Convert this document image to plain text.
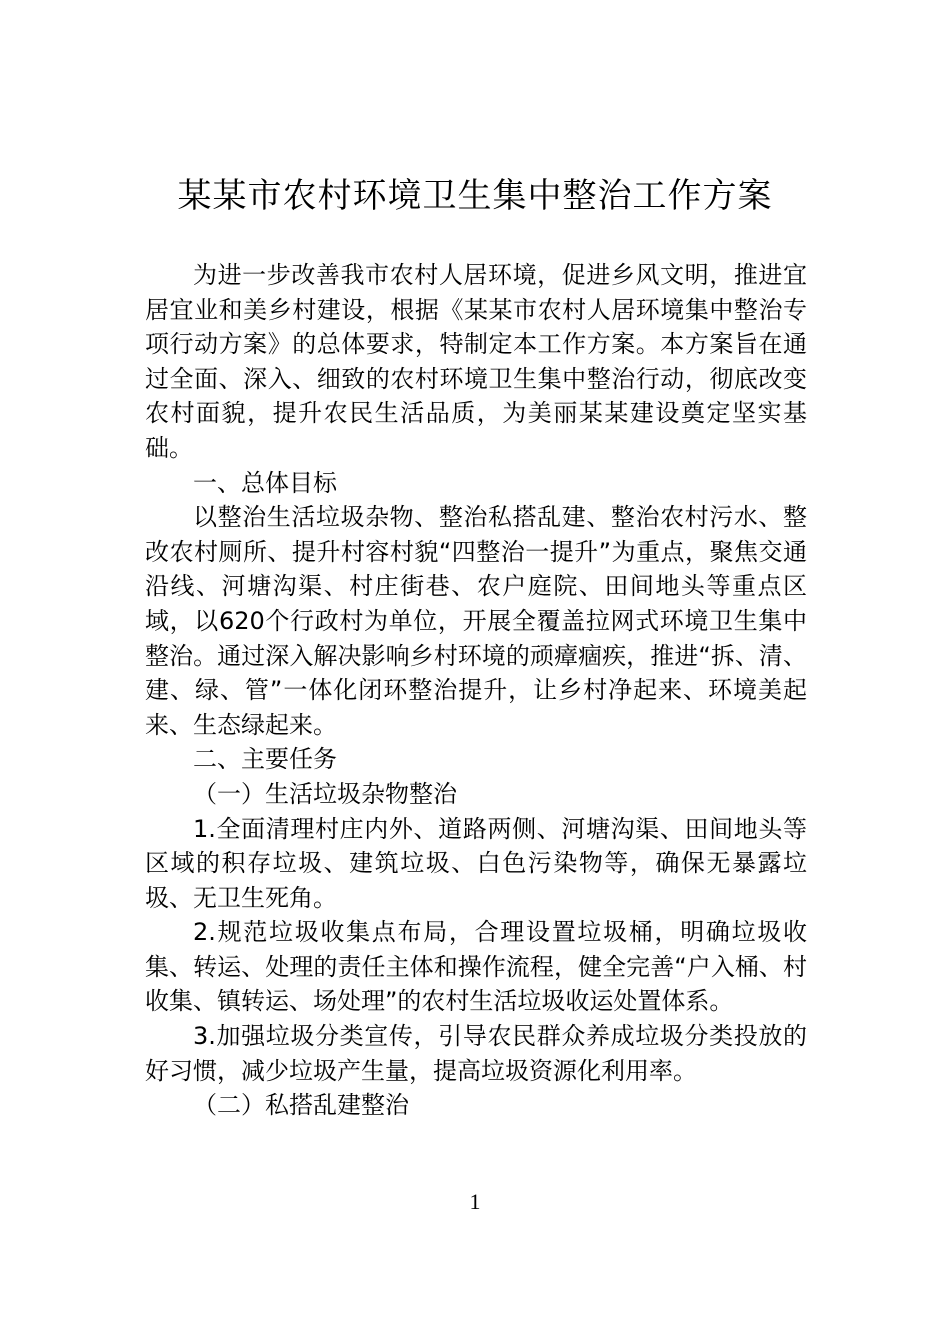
某某市农村环境卫生集中整治工作方案

为进一步改善我市农村人居环境，促进乡风文明，推进宜居宜业和美乡村建设，根据《某某市农村人居环境集中整治专项行动方案》的总体要求，特制定本工作方案。本方案旨在通过全面、深入、细致的农村环境卫生集中整治行动，彻底改变农村面貌，提升农民生活品质，为美丽某某建设奠定坚实基础。

一、总体目标

以整治生活垃圾杂物、整治私搭乱建、整治农村污水、整改农村厕所、提升村容村貌“四整治一提升”为重点，聚焦交通沿线、河塘沟渠、村庄街巷、农户庭院、田间地头等重点区域，以620个行政村为单位，开展全覆盖拉网式环境卫生集中整治。通过深入解决影响乡村环境的顽瘴痼疾，推进“拆、清、建、绿、管”一体化闭环整治提升，让乡村净起来、环境美起来、生态绿起来。

二、主要任务

（一）生活垃圾杂物整治

1.全面清理村庄内外、道路两侧、河塘沟渠、田间地头等区域的积存垃圾、建筑垃圾、白色污染物等，确保无暴露垃圾、无卫生死角。

2.规范垃圾收集点布局，合理设置垃圾桶，明确垃圾收集、转运、处理的责任主体和操作流程，健全完善“户入桶、村收集、镇转运、场处理”的农村生活垃圾收运处置体系。

3.加强垃圾分类宣传，引导农民群众养成垃圾分类投放的好习惯，减少垃圾产生量，提高垃圾资源化利用率。

（二）私搭乱建整治

1
